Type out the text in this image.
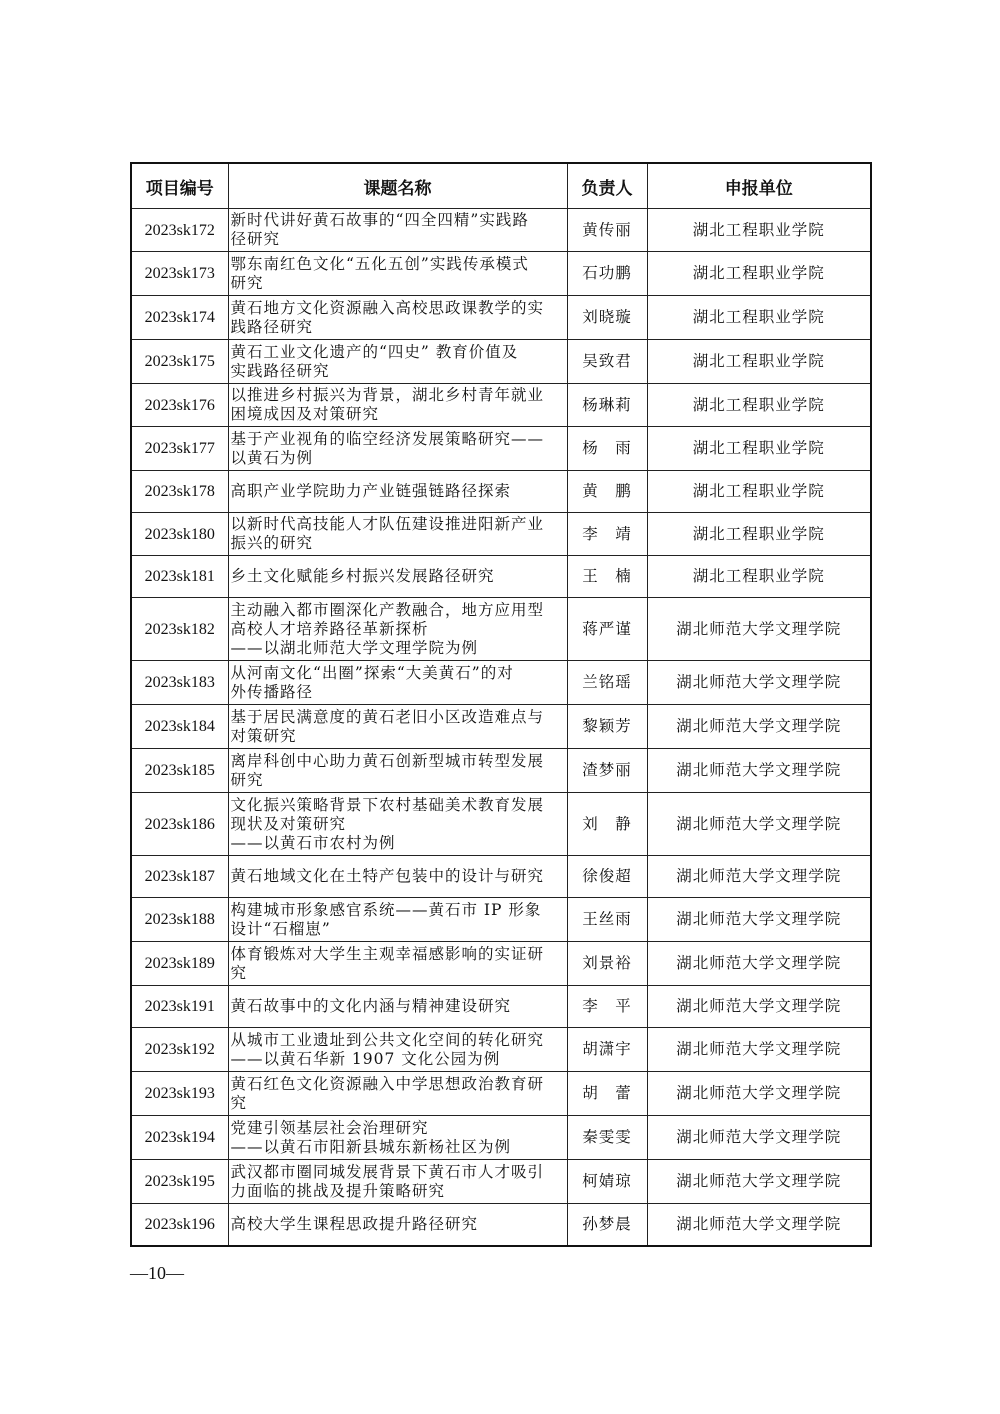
项目编号	课题名称	负责人	申报单位
2023sk172	新时代讲好黄石故事的“四全四精”实践路
径研究	黄传丽	湖北工程职业学院
2023sk173	鄂东南红色文化“五化五创”实践传承模式
研究	石功鹏	湖北工程职业学院
2023sk174	黄石地方文化资源融入高校思政课教学的实
践路径研究	刘晓璇	湖北工程职业学院
2023sk175	黄石工业文化遗产的“四史” 教育价值及
实践路径研究	吴致君	湖北工程职业学院
2023sk176	以推进乡村振兴为背景，湖北乡村青年就业
困境成因及对策研究	杨琳莉	湖北工程职业学院
2023sk177	基于产业视角的临空经济发展策略研究——
以黄石为例	杨　雨	湖北工程职业学院
2023sk178	高职产业学院助力产业链强链路径探索	黄　鹏	湖北工程职业学院
2023sk180	以新时代高技能人才队伍建设推进阳新产业
振兴的研究	李　靖	湖北工程职业学院
2023sk181	乡土文化赋能乡村振兴发展路径研究	王　楠	湖北工程职业学院
2023sk182	主动融入都市圈深化产教融合，地方应用型
高校人才培养路径革新探析
——以湖北师范大学文理学院为例	蒋严谨	湖北师范大学文理学院
2023sk183	从河南文化“出圈”探索“大美黄石”的对
外传播路径	兰铭瑶	湖北师范大学文理学院
2023sk184	基于居民满意度的黄石老旧小区改造难点与
对策研究	黎颖芳	湖北师范大学文理学院
2023sk185	离岸科创中心助力黄石创新型城市转型发展
研究	渣梦丽	湖北师范大学文理学院
2023sk186	文化振兴策略背景下农村基础美术教育发展
现状及对策研究
——以黄石市农村为例	刘　静	湖北师范大学文理学院
2023sk187	黄石地域文化在土特产包装中的设计与研究	徐俊超	湖北师范大学文理学院
2023sk188	构建城市形象感官系统——黄石市 IP 形象
设计“石榴崽”	王丝雨	湖北师范大学文理学院
2023sk189	体育锻炼对大学生主观幸福感影响的实证研
究	刘景裕	湖北师范大学文理学院
2023sk191	黄石故事中的文化内涵与精神建设研究	李　平	湖北师范大学文理学院
2023sk192	从城市工业遗址到公共文化空间的转化研究
——以黄石华新 1907 文化公园为例	胡潇宇	湖北师范大学文理学院
2023sk193	黄石红色文化资源融入中学思想政治教育研
究	胡　蕾	湖北师范大学文理学院
2023sk194	党建引领基层社会治理研究
——以黄石市阳新县城东新杨社区为例	秦雯雯	湖北师范大学文理学院
2023sk195	武汉都市圈同城发展背景下黄石市人才吸引
力面临的挑战及提升策略研究	柯婧琼	湖北师范大学文理学院
2023sk196	高校大学生课程思政提升路径研究	孙梦晨	湖北师范大学文理学院
—10—
